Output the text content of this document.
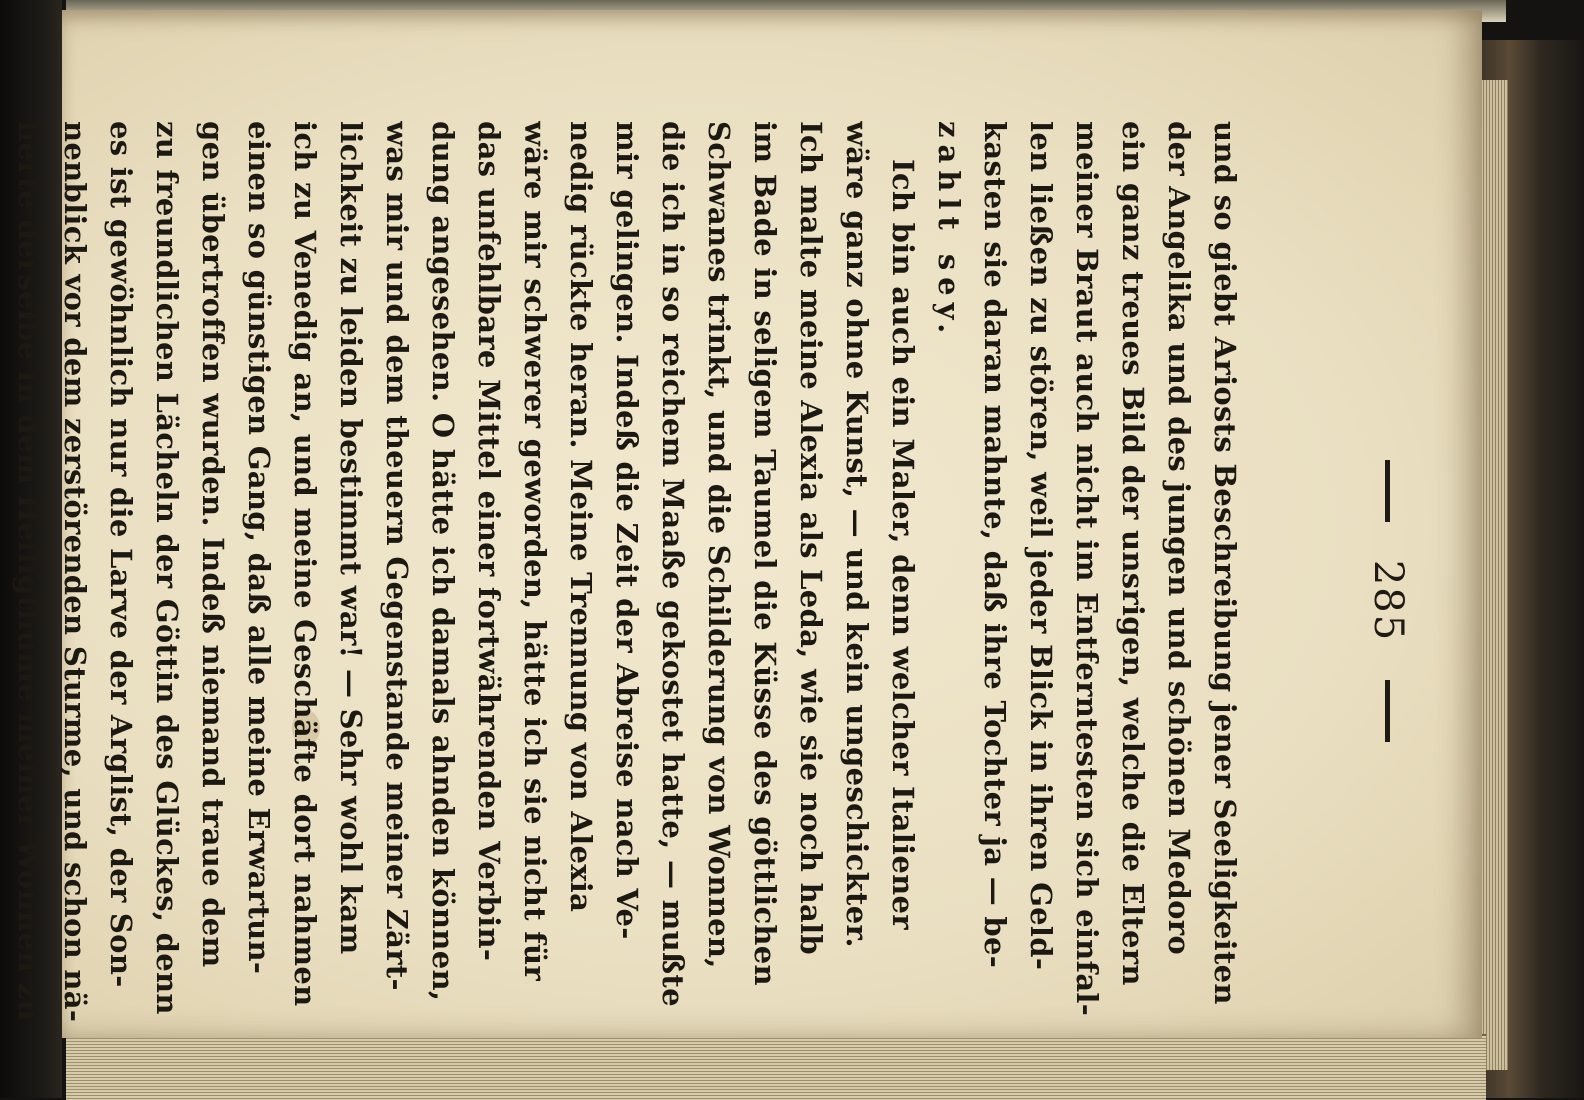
285
und so giebt Ariosts Beschreibung jener Seeligkeiten
der Angelika und des jungen und schönen Medoro
ein ganz treues Bild der unsrigen, welche die Eltern
meiner Braut auch nicht im Entferntesten sich einfal-
len ließen zu stören, weil jeder Blick in ihren Geld-
kasten sie daran mahnte, daß ihre Tochter ja — be-
zahlt sey.
Ich bin auch ein Maler, denn welcher Italiener
wäre ganz ohne Kunst, — und kein ungeschickter.
Ich malte meine Alexia als Leda, wie sie noch halb
im Bade in seligem Taumel die Küsse des göttlichen
Schwanes trinkt, und die Schilderung von Wonnen,
die ich in so reichem Maaße gekostet hatte, — mußte
mir gelingen. Indeß die Zeit der Abreise nach Ve-
nedig rückte heran. Meine Trennung von Alexia
wäre mir schwerer geworden, hätte ich sie nicht für
das unfehlbare Mittel einer fortwährenden Verbin-
dung angesehen. O hätte ich damals ahnden können,
was mir und dem theuern Gegenstande meiner Zärt-
lichkeit zu leiden bestimmt war! — Sehr wohl kam
ich zu Venedig an, und meine Geschäfte dort nahmen
einen so günstigen Gang, daß alle meine Erwartun-
gen übertroffen wurden. Indeß niemand traue dem
zu freundlichen Lächeln der Göttin des Glückes, denn
es ist gewöhnlich nur die Larve der Arglist, der Son-
nenblick vor dem zerstörenden Sturme, und schon nä-
herte derselbe in dem Heiligthume meiner Wonnen zu
